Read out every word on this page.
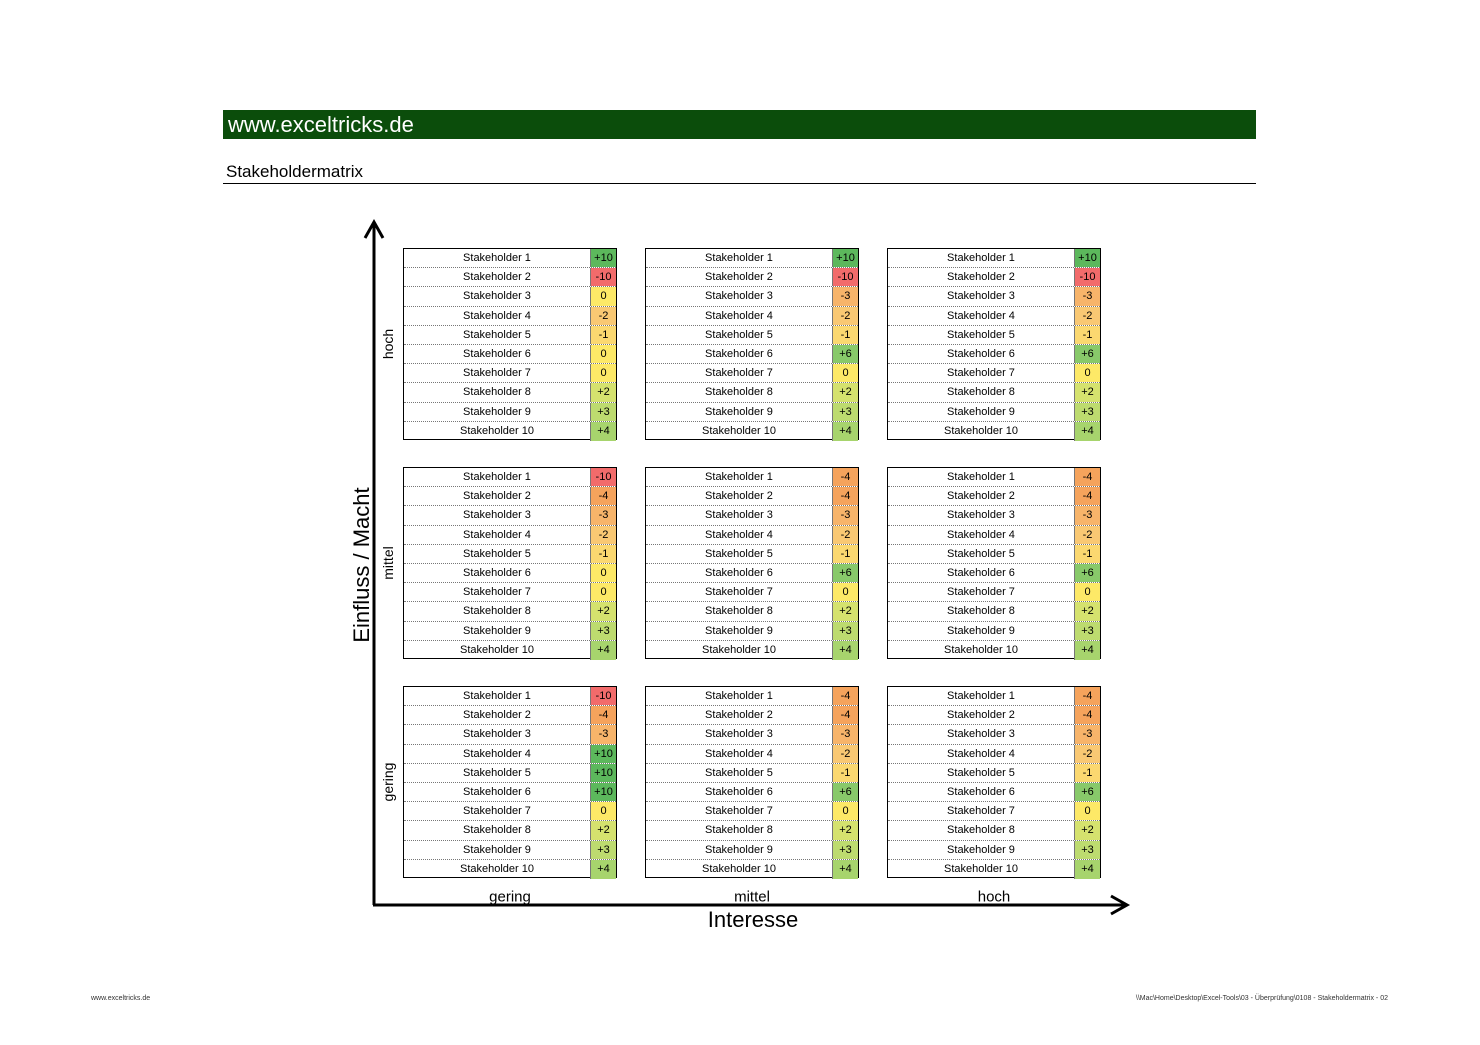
www.exceltricks.de
Stakeholdermatrix
Einfluss / Macht
hoch
mittel
gering
gering	mittel	hoch
Interesse
Stakeholder 1	+10
Stakeholder 2	-10
Stakeholder 3	0
Stakeholder 4	-2
Stakeholder 5	-1
Stakeholder 6	0
Stakeholder 7	0
Stakeholder 8	+2
Stakeholder 9	+3
Stakeholder 10	+4
Stakeholder 1	+10
Stakeholder 2	-10
Stakeholder 3	-3
Stakeholder 4	-2
Stakeholder 5	-1
Stakeholder 6	+6
Stakeholder 7	0
Stakeholder 8	+2
Stakeholder 9	+3
Stakeholder 10	+4
Stakeholder 1	+10
Stakeholder 2	-10
Stakeholder 3	-3
Stakeholder 4	-2
Stakeholder 5	-1
Stakeholder 6	+6
Stakeholder 7	0
Stakeholder 8	+2
Stakeholder 9	+3
Stakeholder 10	+4
Stakeholder 1	-10
Stakeholder 2	-4
Stakeholder 3	-3
Stakeholder 4	-2
Stakeholder 5	-1
Stakeholder 6	0
Stakeholder 7	0
Stakeholder 8	+2
Stakeholder 9	+3
Stakeholder 10	+4
Stakeholder 1	-4
Stakeholder 2	-4
Stakeholder 3	-3
Stakeholder 4	-2
Stakeholder 5	-1
Stakeholder 6	+6
Stakeholder 7	0
Stakeholder 8	+2
Stakeholder 9	+3
Stakeholder 10	+4
Stakeholder 1	-4
Stakeholder 2	-4
Stakeholder 3	-3
Stakeholder 4	-2
Stakeholder 5	-1
Stakeholder 6	+6
Stakeholder 7	0
Stakeholder 8	+2
Stakeholder 9	+3
Stakeholder 10	+4
Stakeholder 1	-10
Stakeholder 2	-4
Stakeholder 3	-3
Stakeholder 4	+10
Stakeholder 5	+10
Stakeholder 6	+10
Stakeholder 7	0
Stakeholder 8	+2
Stakeholder 9	+3
Stakeholder 10	+4
Stakeholder 1	-4
Stakeholder 2	-4
Stakeholder 3	-3
Stakeholder 4	-2
Stakeholder 5	-1
Stakeholder 6	+6
Stakeholder 7	0
Stakeholder 8	+2
Stakeholder 9	+3
Stakeholder 10	+4
Stakeholder 1	-4
Stakeholder 2	-4
Stakeholder 3	-3
Stakeholder 4	-2
Stakeholder 5	-1
Stakeholder 6	+6
Stakeholder 7	0
Stakeholder 8	+2
Stakeholder 9	+3
Stakeholder 10	+4
www.exceltricks.de	\\Mac\Home\Desktop\Excel-Tools\03 - Überprüfung\0108 - Stakeholdermatrix - 02
